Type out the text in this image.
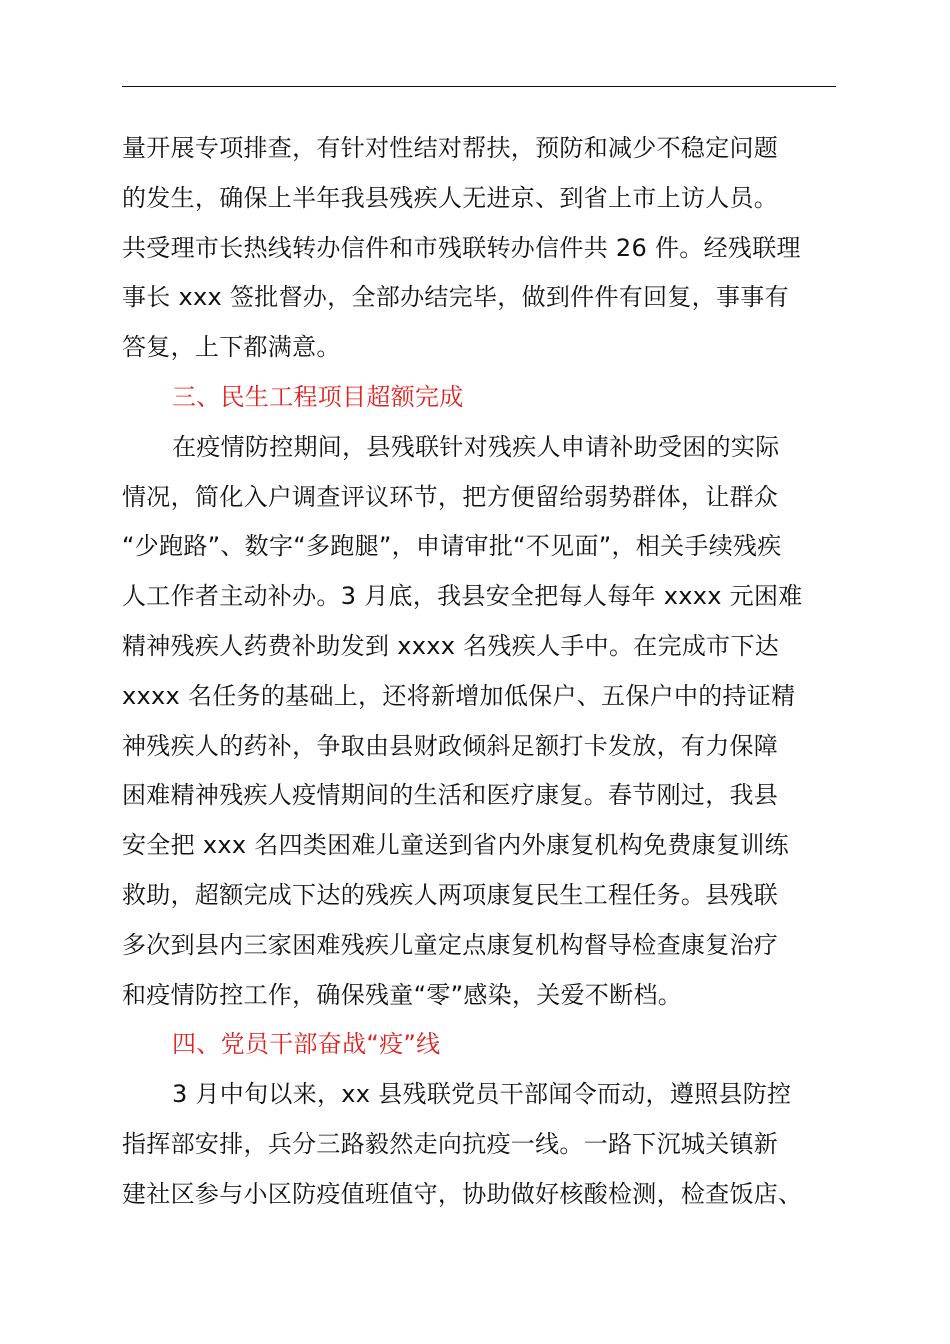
量开展专项排查，有针对性结对帮扶，预防和减少不稳定问题
的发生，确保上半年我县残疾人无进京、到省上市上访人员。
共受理市长热线转办信件和市残联转办信件共 26 件。经残联理
事长 xxx 签批督办，全部办结完毕，做到件件有回复，事事有
答复，上下都满意。
三、民生工程项目超额完成
在疫情防控期间，县残联针对残疾人申请补助受困的实际
情况，简化入户调查评议环节，把方便留给弱势群体，让群众
“少跑路”、数字“多跑腿”，申请审批“不见面”，相关手续残疾
人工作者主动补办。3 月底，我县安全把每人每年 xxxx 元困难
精神残疾人药费补助发到 xxxx 名残疾人手中。在完成市下达
xxxx 名任务的基础上，还将新增加低保户、五保户中的持证精
神残疾人的药补，争取由县财政倾斜足额打卡发放，有力保障
困难精神残疾人疫情期间的生活和医疗康复。春节刚过，我县
安全把 xxx 名四类困难儿童送到省内外康复机构免费康复训练
救助，超额完成下达的残疾人两项康复民生工程任务。县残联
多次到县内三家困难残疾儿童定点康复机构督导检查康复治疗
和疫情防控工作，确保残童“零”感染，关爱不断档。
四、党员干部奋战“疫”线
3 月中旬以来，xx 县残联党员干部闻令而动，遵照县防控
指挥部安排，兵分三路毅然走向抗疫一线。一路下沉城关镇新
建社区参与小区防疫值班值守，协助做好核酸检测，检查饭店、
